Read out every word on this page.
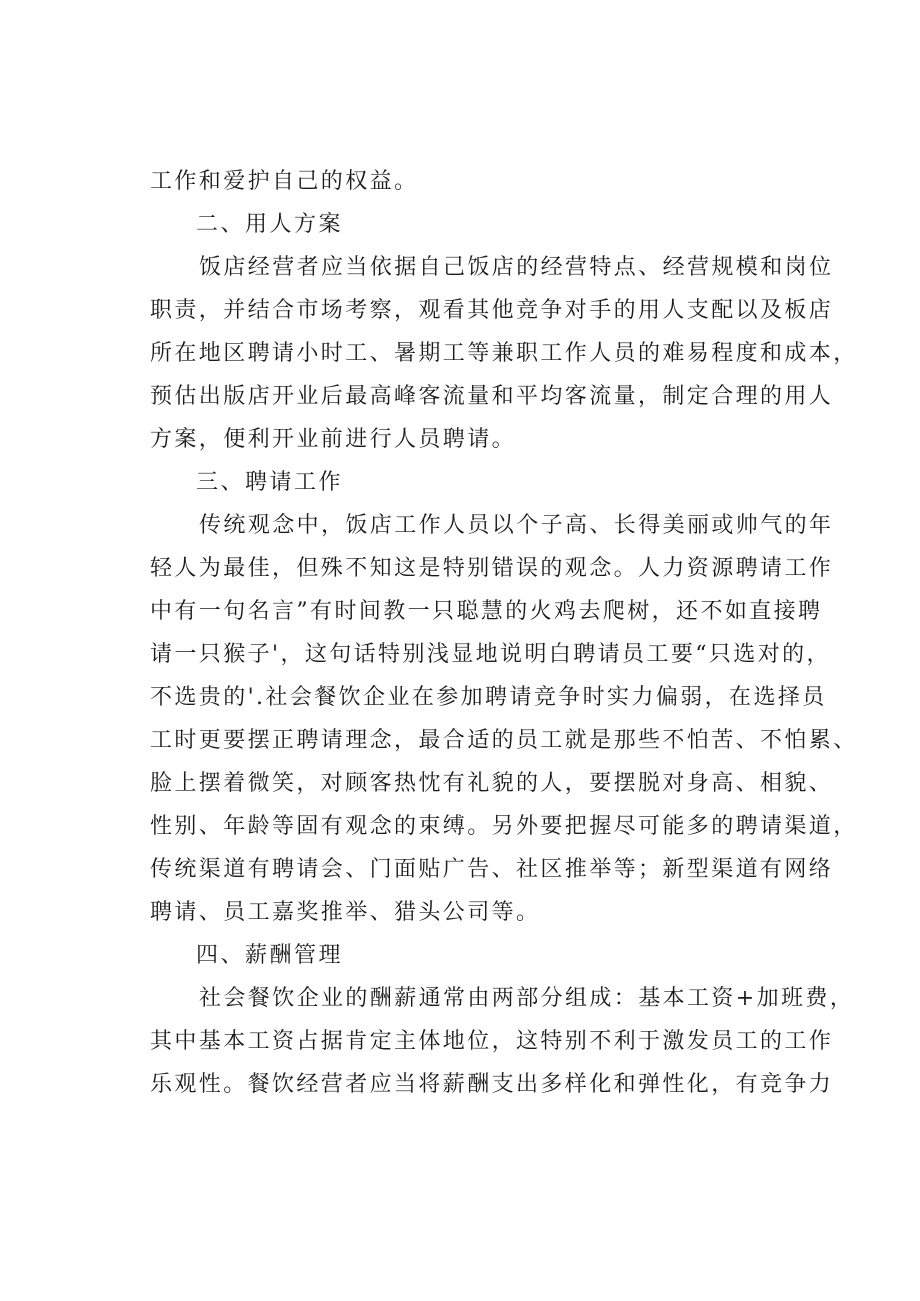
工作和爱护自己的权益。
二、用人方案
饭店经营者应当依据自己饭店的经营特点、经营规模和岗位
职责，并结合市场考察，观看其他竞争对手的用人支配以及板店
所在地区聘请小时工、暑期工等兼职工作人员的难易程度和成本，
预估出版店开业后最高峰客流量和平均客流量，制定合理的用人
方案，便利开业前进行人员聘请。
三、聘请工作
传统观念中，饭店工作人员以个子高、长得美丽或帅气的年
轻人为最佳，但殊不知这是特别错误的观念。人力资源聘请工作
中有一句名言”有时间教一只聪慧的火鸡去爬树，还不如直接聘
请一只猴子'，这句话特别浅显地说明白聘请员工要“只选对的，
不选贵的'.社会餐饮企业在参加聘请竞争时实力偏弱，在选择员
工时更要摆正聘请理念，最合适的员工就是那些不怕苦、不怕累、
脸上摆着微笑，对顾客热忱有礼貌的人，要摆脱对身高、相貌、
性别、年龄等固有观念的束缚。另外要把握尽可能多的聘请渠道，
传统渠道有聘请会、门面贴广告、社区推举等；新型渠道有网络
聘请、员工嘉奖推举、猎头公司等。
四、薪酬管理
社会餐饮企业的酬薪通常由两部分组成：基本工资+加班费，
其中基本工资占据肯定主体地位，这特别不利于激发员工的工作
乐观性。餐饮经营者应当将薪酬支出多样化和弹性化，有竞争力
